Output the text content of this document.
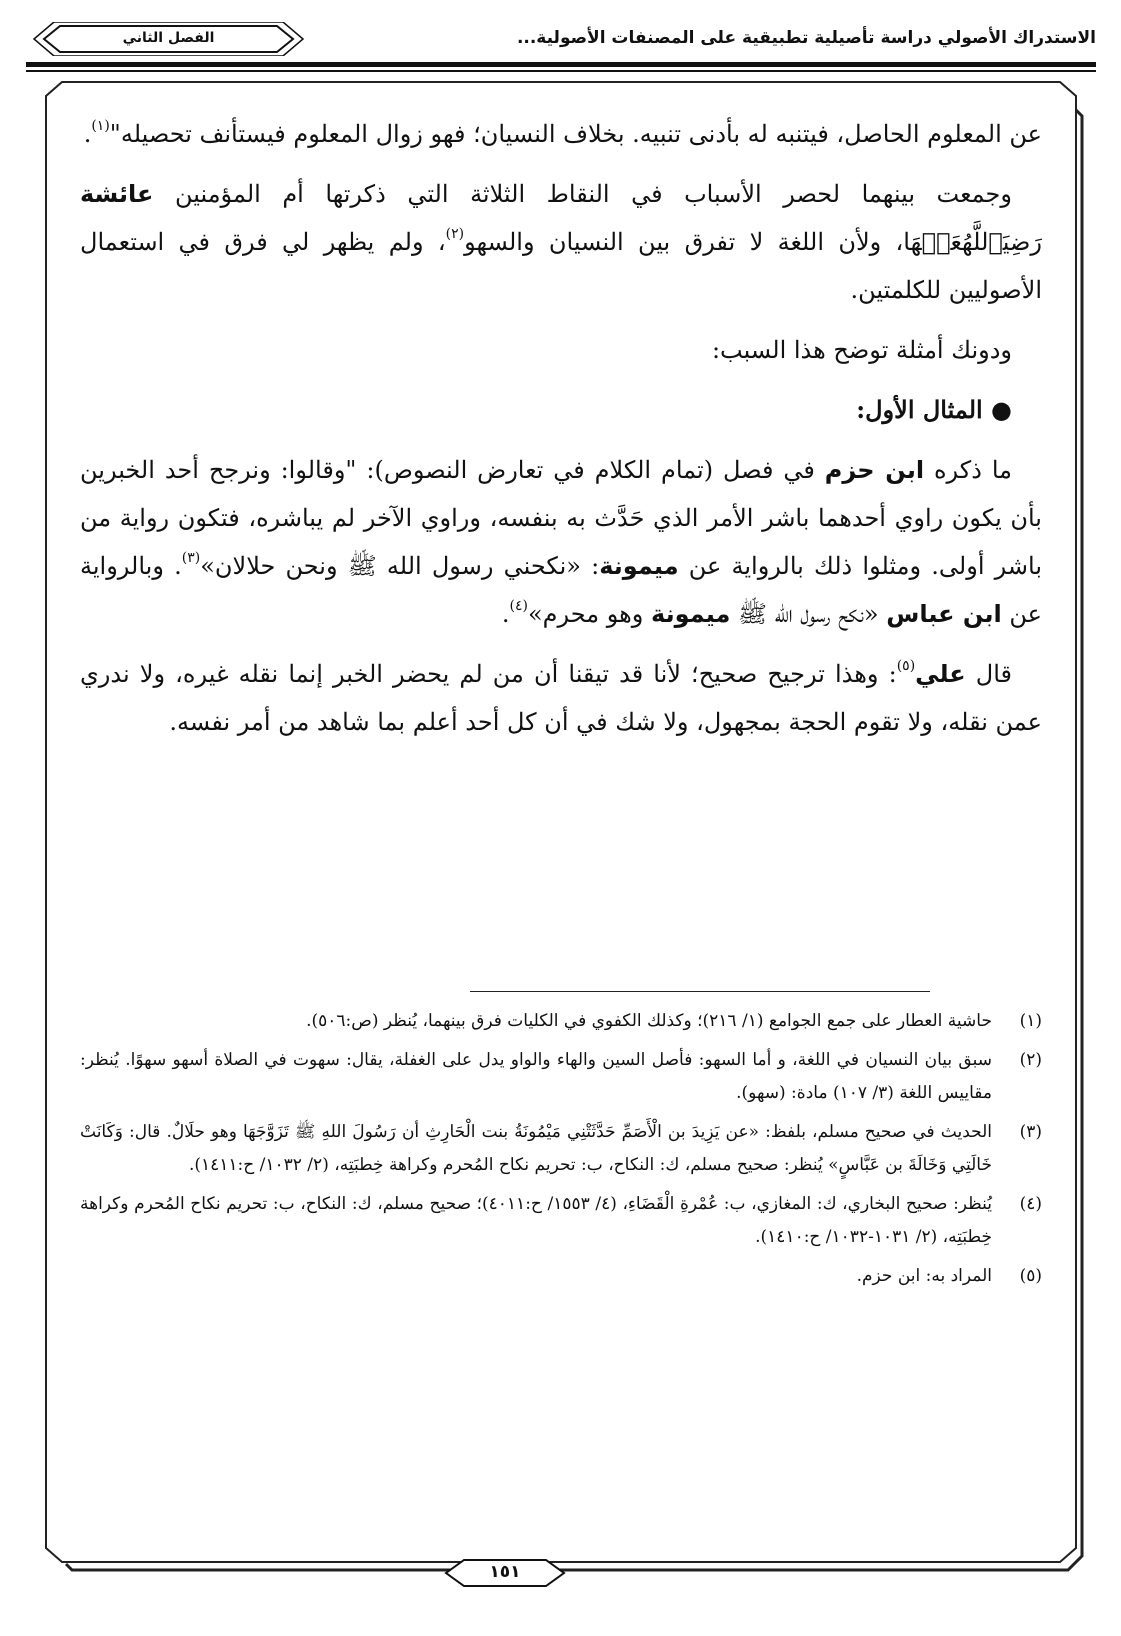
الفصل الثاني	الاستدراك الأصولي دراسة تأصيلية تطبيقية على المصنفات الأصولية...

عن المعلوم الحاصل، فيتنبه له بأدنى تنبيه. بخلاف النسيان؛ فهو زوال المعلوم فيستأنف تحصيله"$^{(١)}$.

وجمعت بينهما لحصر الأسباب في النقاط الثلاثة التي ذكرتها أم المؤمنين عائشة رَضِيَٱللَّهُعَنۡهَا، ولأن اللغة لا تفرق بين النسيان والسهو$^{(٢)}$، ولم يظهر لي فرق في استعمال الأصوليين للكلمتين.

ودونك أمثلة توضح هذا السبب:

● المثال الأول:

ما ذكره ابن حزم في فصل (تمام الكلام في تعارض النصوص): "وقالوا: ونرجح أحد الخبرين بأن يكون راوي أحدهما باشر الأمر الذي حَدَّث به بنفسه، وراوي الآخر لم يباشره، فتكون رواية من باشر أولى. ومثلوا ذلك بالرواية عن ميمونة: «نكحني رسول الله ﷺ ونحن حلالان»$^{(٣)}$. وبالرواية عن ابن عباس «نكح رسول الله ﷺ ميمونة وهو محرم»$^{(٤)}$.

قال علي$^{(٥)}$: وهذا ترجيح صحيح؛ لأنا قد تيقنا أن من لم يحضر الخبر إنما نقله غيره، ولا ندري عمن نقله، ولا تقوم الحجة بمجهول، ولا شك في أن كل أحد أعلم بما شاهد من أمر نفسه.

(١)
حاشية العطار على جمع الجوامع (١/ ٢١٦)؛ وكذلك الكفوي في الكليات فرق بينهما، يُنظر (ص:٥٠٦).

(٢)
سبق بيان النسيان في اللغة، و أما السهو: فأصل السين والهاء والواو يدل على الغفلة، يقال: سهوت في الصلاة أسهو سهوًا. يُنظر: مقاييس اللغة (٣/ ١٠٧) مادة: (سهو).

(٣)
الحديث في صحيح مسلم، بلفظ: «عن يَزِيدَ بن الْأَصَمِّ حَدَّثَتْنِي مَيْمُونَةُ بنت الْحَارِثِ أن رَسُولَ اللهِ ﷺ تَزَوَّجَهَا وهو حلَالٌ. قال: وَكَانَتْ خَالَتِي وَخَالَةَ بن عَبَّاسٍ» يُنظر: صحيح مسلم، ك: النكاح، ب: تحريم نكاح المُحرم وكراهة خِطبَتِه، (٢/ ١٠٣٢/ ح:١٤١١).

(٤)
يُنظر: صحيح البخاري، ك: المغازي، ب: عُمْرةِ الْقَضَاءِ، (٤/ ١٥٥٣/ ح:٤٠١١)؛ صحيح مسلم، ك: النكاح، ب: تحريم نكاح المُحرم وكراهة خِطبَتِه، (٢/ ١٠٣١-١٠٣٢/ ح:١٤١٠).

(٥)
المراد به: ابن حزم.

١٥١
